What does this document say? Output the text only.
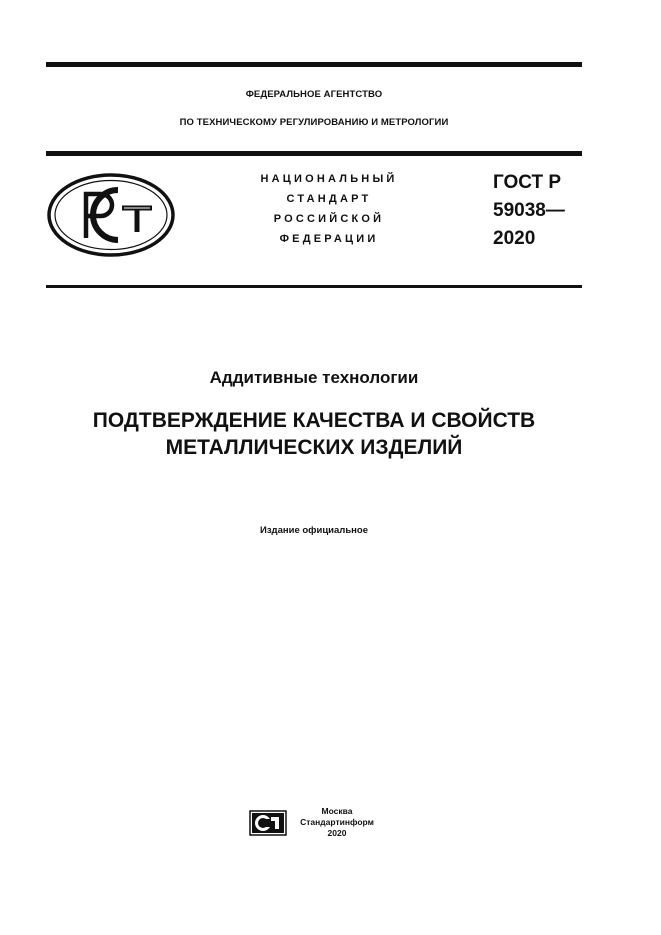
ФЕДЕРАЛЬНОЕ АГЕНТСТВО
ПО ТЕХНИЧЕСКОМУ РЕГУЛИРОВАНИЮ И МЕТРОЛОГИИ
НАЦИОНАЛЬНЫЙ
СТАНДАРТ
РОССИЙСКОЙ
ФЕДЕРАЦИИ
ГОСТ Р
59038—
2020
Аддитивные технологии
ПОДТВЕРЖДЕНИЕ КАЧЕСТВА И СВОЙСТВ
МЕТАЛЛИЧЕСКИХ ИЗДЕЛИЙ
Издание официальное
Москва
Стандартинформ
2020
